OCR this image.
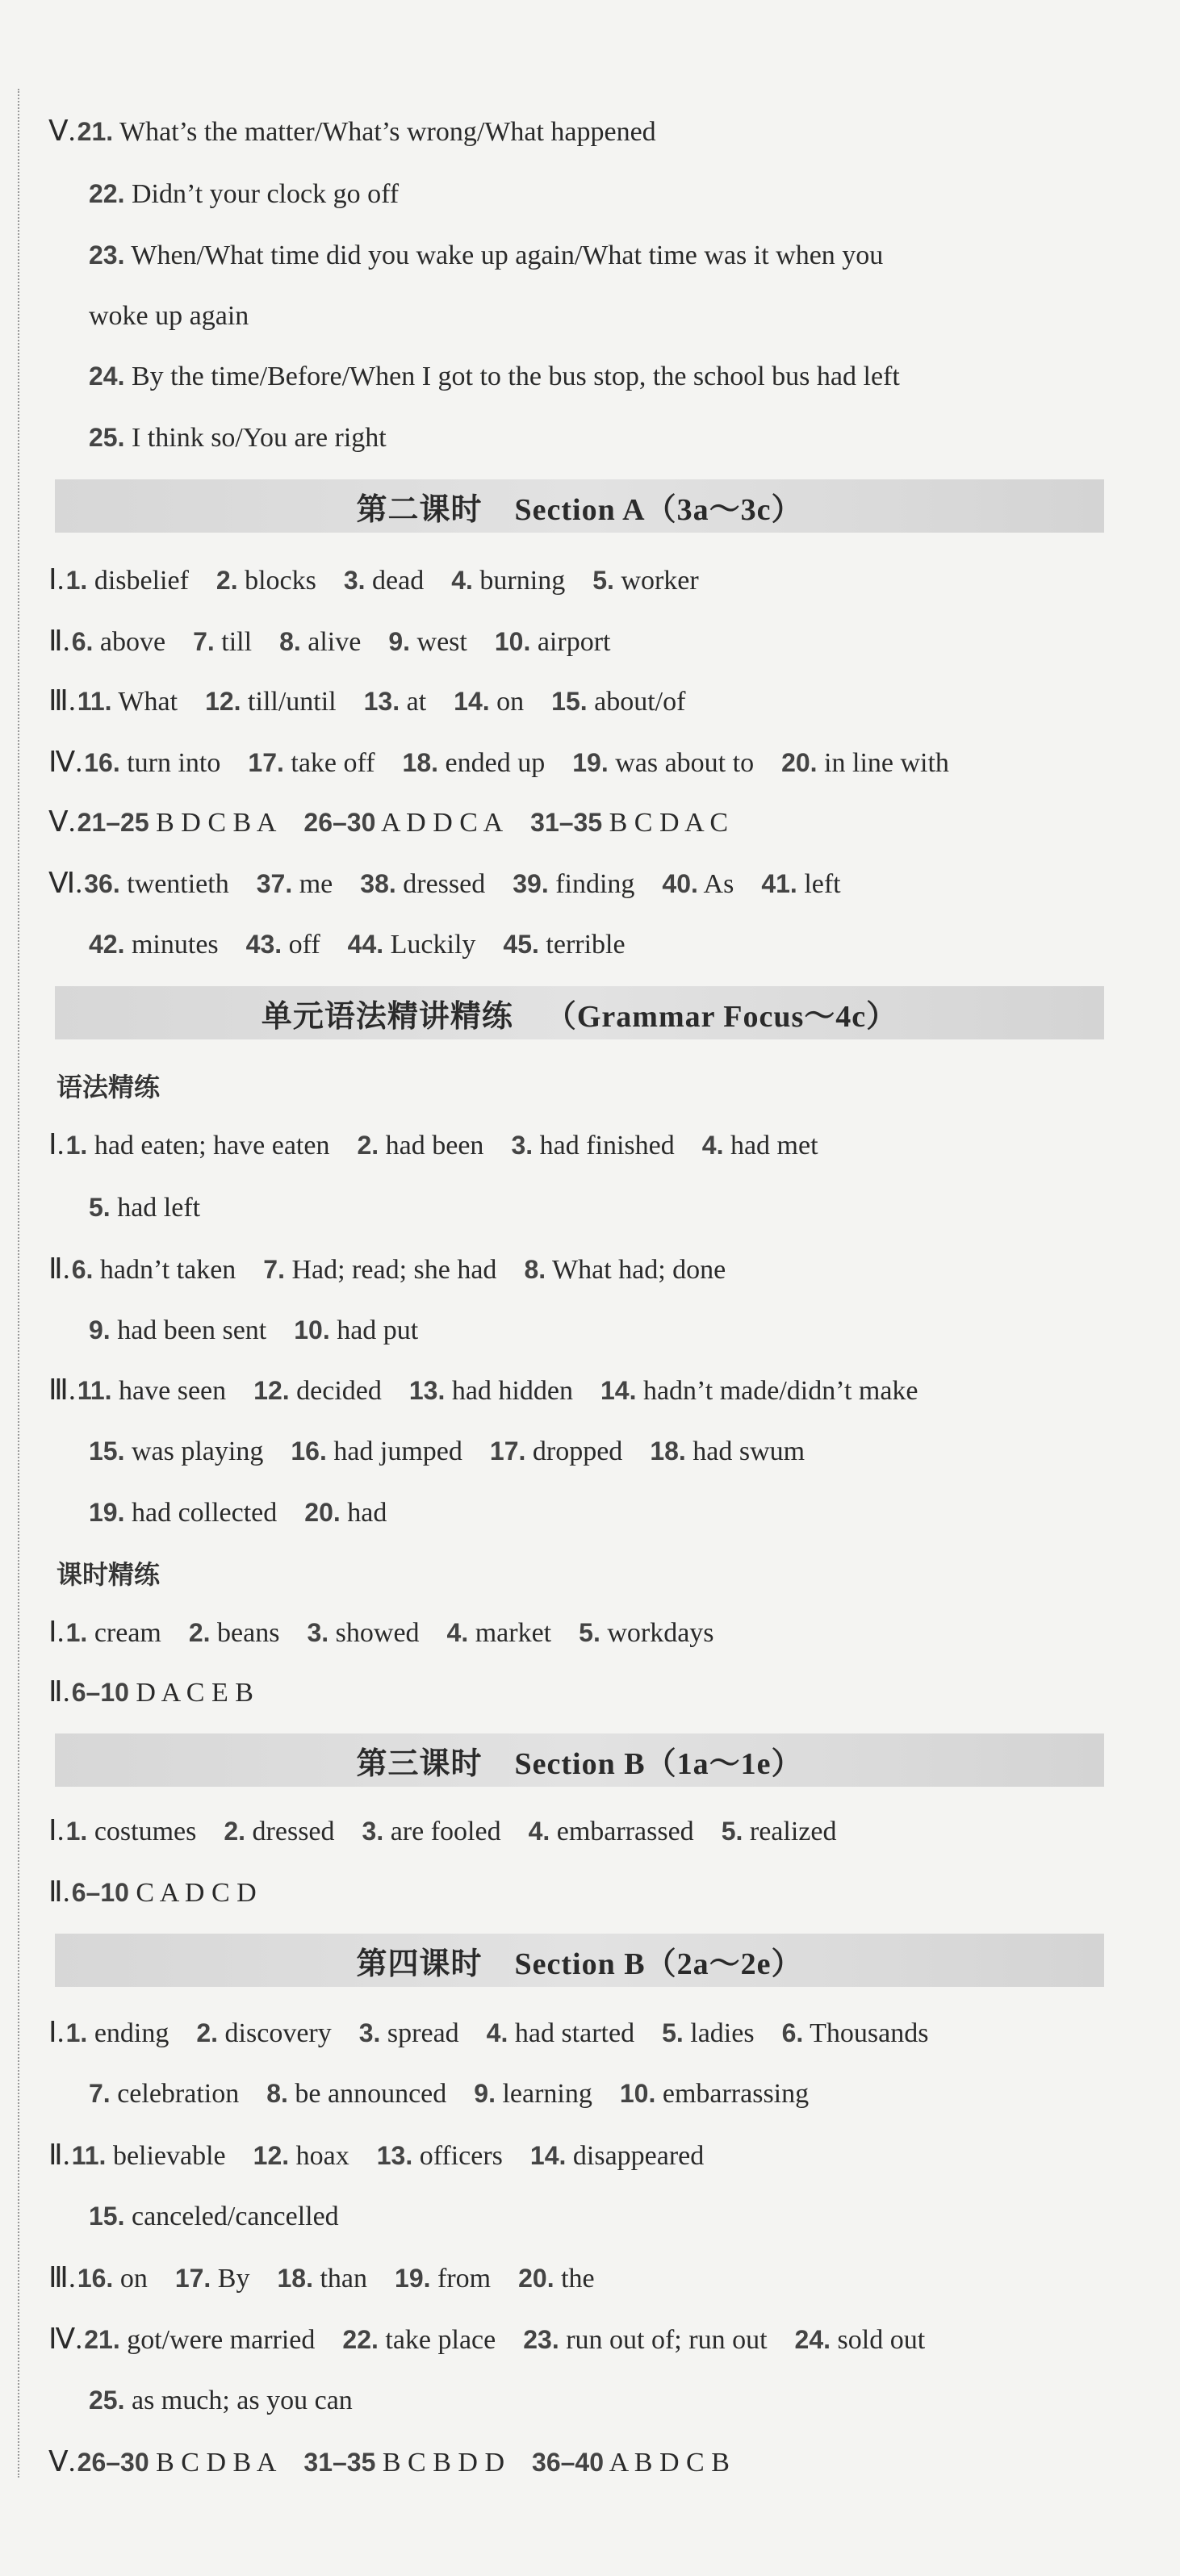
Ⅴ.21. What’s the matter/What’s wrong/What happened
22. Didn’t your clock go off
23. When/What time did you wake up again/What time was it when you
woke up again
24. By the time/Before/When I got to the bus stop, the school bus had left
25. I think so/You are right
Ⅰ.1. disbelief 2. blocks 3. dead 4. burning 5. worker
Ⅱ.6. above 7. till 8. alive 9. west 10. airport
Ⅲ.11. What 12. till/until 13. at 14. on 15. about/of
Ⅳ.16. turn into 17. take off 18. ended up 19. was about to 20. in line with
Ⅴ.21–25 B D C B A 26–30 A D D C A 31–35 B C D A C
Ⅵ.36. twentieth 37. me 38. dressed 39. finding 40. As 41. left
42. minutes 43. off 44. Luckily 45. terrible
Ⅰ.1. had eaten; have eaten 2. had been 3. had finished 4. had met
5. had left
Ⅱ.6. hadn’t taken 7. Had; read; she had 8. What had; done
9. had been sent 10. had put
Ⅲ.11. have seen 12. decided 13. had hidden 14. hadn’t made/didn’t make
15. was playing 16. had jumped 17. dropped 18. had swum
19. had collected 20. had
Ⅰ.1. cream 2. beans 3. showed 4. market 5. workdays
Ⅱ.6–10 D A C E B
Ⅰ.1. costumes 2. dressed 3. are fooled 4. embarrassed 5. realized
Ⅱ.6–10 C A D C D
Ⅰ.1. ending 2. discovery 3. spread 4. had started 5. ladies 6. Thousands
7. celebration 8. be announced 9. learning 10. embarrassing
Ⅱ.11. believable 12. hoax 13. officers 14. disappeared
15. canceled/cancelled
Ⅲ.16. on 17. By 18. than 19. from 20. the
Ⅳ.21. got/were married 22. take place 23. run out of; run out 24. sold out
25. as much; as you can
Ⅴ.26–30 B C D B A 31–35 B C B D D 36–40 A B D C B
第二课时 Section A（3a～3c）
单元语法精讲精练 （Grammar Focus～4c）
第三课时 Section B（1a～1e）
第四课时 Section B（2a～2e）
语法精练
课时精练
